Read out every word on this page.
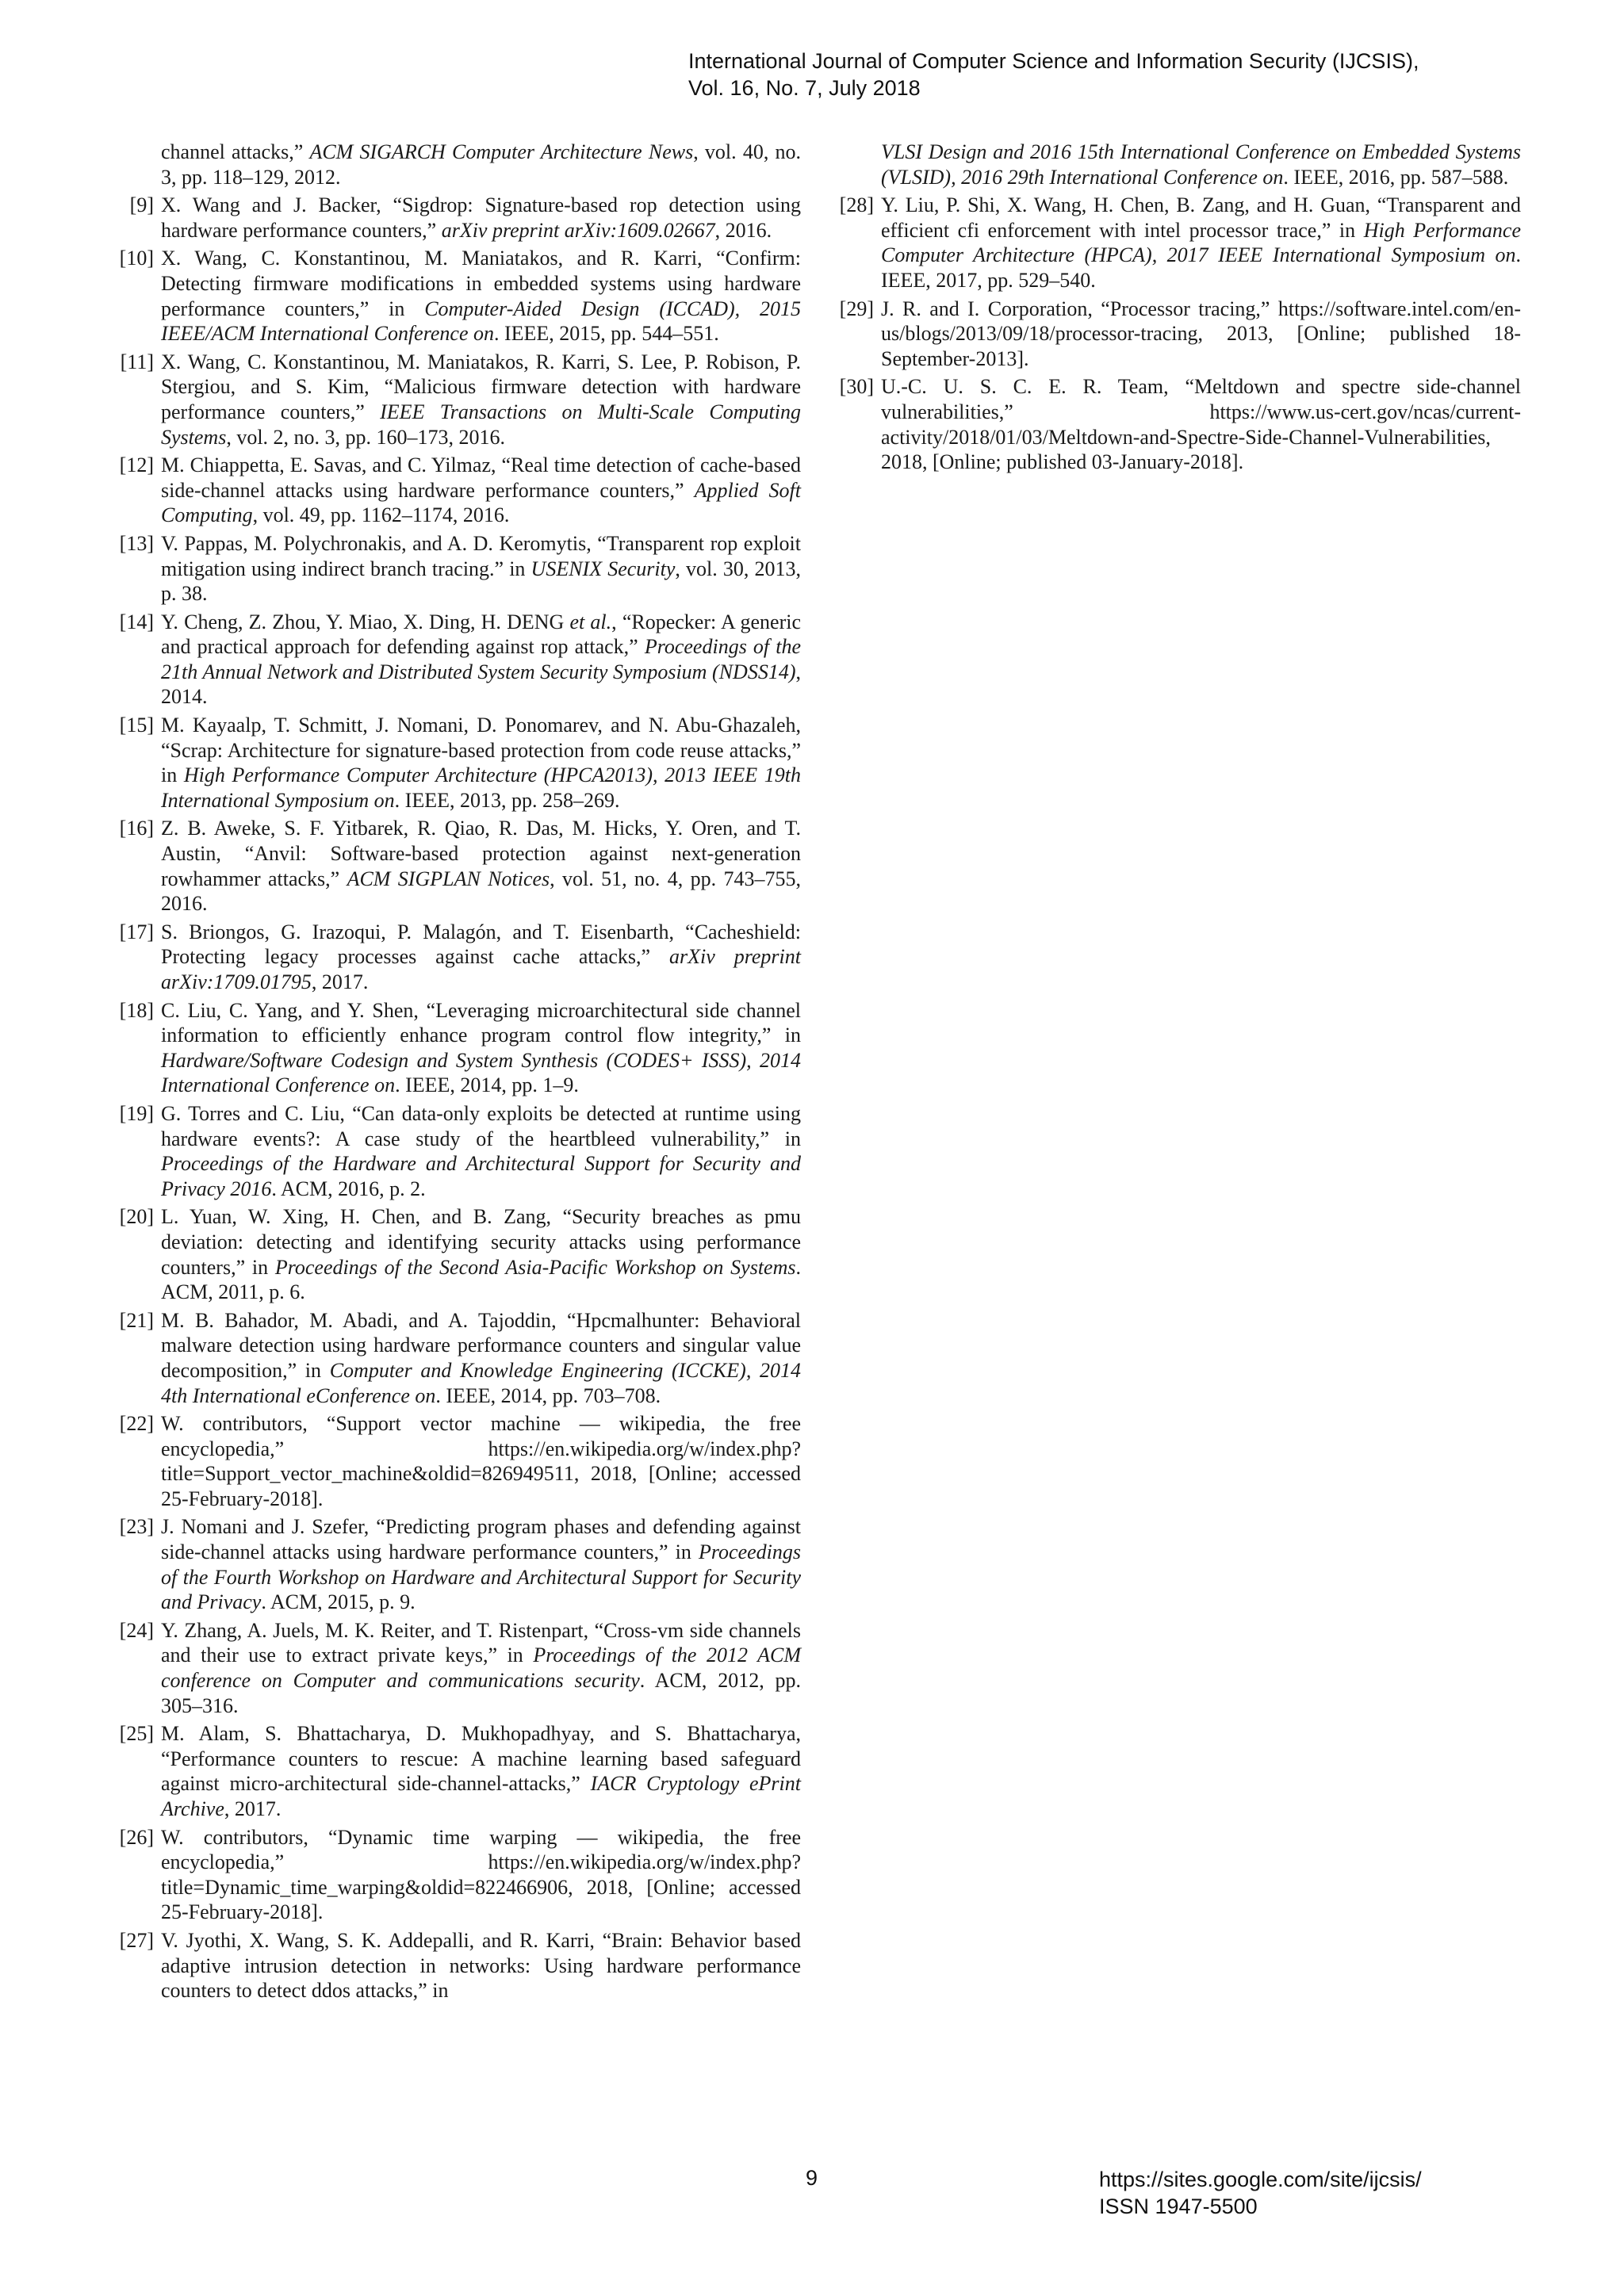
International Journal of Computer Science and Information Security (IJCSIS),
Vol. 16, No. 7, July 2018
channel attacks,” ACM SIGARCH Computer Architecture News, vol. 40, no. 3, pp. 118–129, 2012.
[9] X. Wang and J. Backer, “Sigdrop: Signature-based rop detection using hardware performance counters,” arXiv preprint arXiv:1609.02667, 2016.
[10] X. Wang, C. Konstantinou, M. Maniatakos, and R. Karri, “Confirm: Detecting firmware modifications in embedded systems using hardware performance counters,” in Computer-Aided Design (ICCAD), 2015 IEEE/ACM International Conference on. IEEE, 2015, pp. 544–551.
[11] X. Wang, C. Konstantinou, M. Maniatakos, R. Karri, S. Lee, P. Robison, P. Stergiou, and S. Kim, “Malicious firmware detection with hardware performance counters,” IEEE Transactions on Multi-Scale Computing Systems, vol. 2, no. 3, pp. 160–173, 2016.
[12] M. Chiappetta, E. Savas, and C. Yilmaz, “Real time detection of cache-based side-channel attacks using hardware performance counters,” Applied Soft Computing, vol. 49, pp. 1162–1174, 2016.
[13] V. Pappas, M. Polychronakis, and A. D. Keromytis, “Transparent rop exploit mitigation using indirect branch tracing.” in USENIX Security, vol. 30, 2013, p. 38.
[14] Y. Cheng, Z. Zhou, Y. Miao, X. Ding, H. DENG et al., “Ropecker: A generic and practical approach for defending against rop attack,” Proceedings of the 21th Annual Network and Distributed System Security Symposium (NDSS14), 2014.
[15] M. Kayaalp, T. Schmitt, J. Nomani, D. Ponomarev, and N. Abu-Ghazaleh, “Scrap: Architecture for signature-based protection from code reuse attacks,” in High Performance Computer Architecture (HPCA2013), 2013 IEEE 19th International Symposium on. IEEE, 2013, pp. 258–269.
[16] Z. B. Aweke, S. F. Yitbarek, R. Qiao, R. Das, M. Hicks, Y. Oren, and T. Austin, “Anvil: Software-based protection against next-generation rowhammer attacks,” ACM SIGPLAN Notices, vol. 51, no. 4, pp. 743–755, 2016.
[17] S. Briongos, G. Irazoqui, P. Malagón, and T. Eisenbarth, “Cacheshield: Protecting legacy processes against cache attacks,” arXiv preprint arXiv:1709.01795, 2017.
[18] C. Liu, C. Yang, and Y. Shen, “Leveraging microarchitectural side channel information to efficiently enhance program control flow integrity,” in Hardware/Software Codesign and System Synthesis (CODES+ ISSS), 2014 International Conference on. IEEE, 2014, pp. 1–9.
[19] G. Torres and C. Liu, “Can data-only exploits be detected at runtime using hardware events?: A case study of the heartbleed vulnerability,” in Proceedings of the Hardware and Architectural Support for Security and Privacy 2016. ACM, 2016, p. 2.
[20] L. Yuan, W. Xing, H. Chen, and B. Zang, “Security breaches as pmu deviation: detecting and identifying security attacks using performance counters,” in Proceedings of the Second Asia-Pacific Workshop on Systems. ACM, 2011, p. 6.
[21] M. B. Bahador, M. Abadi, and A. Tajoddin, “Hpcmalhunter: Behavioral malware detection using hardware performance counters and singular value decomposition,” in Computer and Knowledge Engineering (ICCKE), 2014 4th International eConference on. IEEE, 2014, pp. 703–708.
[22] W. contributors, “Support vector machine — wikipedia, the free encyclopedia,” https://en.wikipedia.org/w/index.php?title=Support_vector_machine&oldid=826949511, 2018, [Online; accessed 25-February-2018].
[23] J. Nomani and J. Szefer, “Predicting program phases and defending against side-channel attacks using hardware performance counters,” in Proceedings of the Fourth Workshop on Hardware and Architectural Support for Security and Privacy. ACM, 2015, p. 9.
[24] Y. Zhang, A. Juels, M. K. Reiter, and T. Ristenpart, “Cross-vm side channels and their use to extract private keys,” in Proceedings of the 2012 ACM conference on Computer and communications security. ACM, 2012, pp. 305–316.
[25] M. Alam, S. Bhattacharya, D. Mukhopadhyay, and S. Bhattacharya, “Performance counters to rescue: A machine learning based safeguard against micro-architectural side-channel-attacks,” IACR Cryptology ePrint Archive, 2017.
[26] W. contributors, “Dynamic time warping — wikipedia, the free encyclopedia,” https://en.wikipedia.org/w/index.php?title=Dynamic_time_warping&oldid=822466906, 2018, [Online; accessed 25-February-2018].
[27] V. Jyothi, X. Wang, S. K. Addepalli, and R. Karri, “Brain: Behavior based adaptive intrusion detection in networks: Using hardware performance counters to detect ddos attacks,” in
VLSI Design and 2016 15th International Conference on Embedded Systems (VLSID), 2016 29th International Conference on. IEEE, 2016, pp. 587–588.
[28] Y. Liu, P. Shi, X. Wang, H. Chen, B. Zang, and H. Guan, “Transparent and efficient cfi enforcement with intel processor trace,” in High Performance Computer Architecture (HPCA), 2017 IEEE International Symposium on. IEEE, 2017, pp. 529–540.
[29] J. R. and I. Corporation, “Processor tracing,” https://software.intel.com/en-us/blogs/2013/09/18/processor-tracing, 2013, [Online; published 18-September-2013].
[30] U.-C. U. S. C. E. R. Team, “Meltdown and spectre side-channel vulnerabilities,” https://www.us-cert.gov/ncas/current-activity/2018/01/03/Meltdown-and-Spectre-Side-Channel-Vulnerabilities, 2018, [Online; published 03-January-2018].
9	https://sites.google.com/site/ijcsis/
ISSN 1947-5500
